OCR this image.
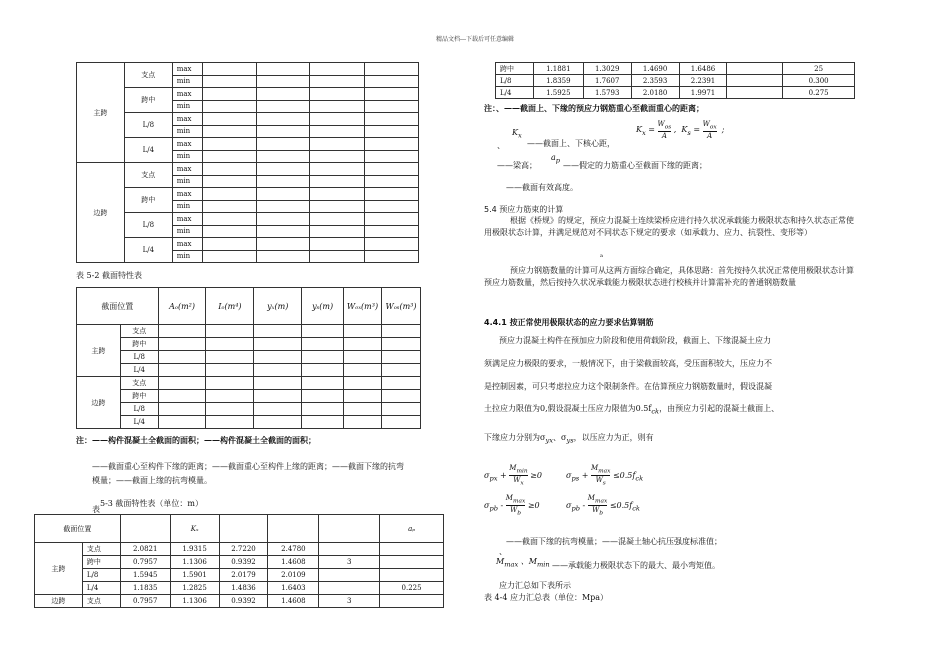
精品文档---下载后可任意编辑
主跨	支点	max				
		min				
	跨中	max				
		min				
	L/8	max				
		min				
	L/4	max				
		min				
边跨	支点	max				
		min				
	跨中	max				
		min				
	L/8	max				
		min				
	L/4	max				
		min				
表 5-2 截面特性表
截面位置		Aₒ(m²)	Iₒ(m⁴)	yₓ(m)	yₛ(m)	Wₒₓ(m³)	Wₒₛ(m³)
主跨	支点						
	跨中						
	L/8						
	L/4						
边跨	支点						
	跨中						
	L/8						
	L/4						
注：——构件混凝土全截面的面积；——构件混凝土全截面的面积；
——截面重心至构件下缘的距离；——截面重心至构件上缘的距离；——截面下缘的抗弯
模量；——截面上缘的抗弯模量。
表5-3 截面特性表（单位：m）
截面位置			Kₓ				aₚ
主跨	支点	2.0821	1.9315	2.7220	2.4780		
	跨中	0.7957	1.1306	0.9392	1.4608	3	
	L/8	1.5945	1.5901	2.0179	2.0109		
	L/4	1.1835	1.2825	1.4836	1.6403		0.225
边跨	支点	0.7957	1.1306	0.9392	1.4608	3	
跨中	1.1881	1.3029	1.4690	1.6486		25
L/8	1.8359	1.7607	2.3593	2.2391		0.300
L/4	1.5925	1.5793	2.0180	1.9971		0.275
注：、——截面上、下缘的预应力钢筋重心至截面重心的距离；
、
$K_x$
——截面上、下核心距，
$K_x = \frac{W_{os}}{A}$ ,  $K_s = \frac{W_{ox}}{A}$ ;
——梁高；
$a_p$
——假定的力筋重心至截面下缘的距离；
——截面有效高度。
5.4 预应力筋束的计算
根据《桥规》的规定，预应力混凝土连续梁桥应进行持久状况承载能力极限状态和持久状态正常使用极限状态计算，并满足规范对不同状态下规定的要求（如承载力、应力、抗裂性、变形等）
a
预应力钢筋数量的计算可从这两方面综合确定，具体思路：首先按持久状况正常使用极限状态计算预应力筋数量，然后按持久状况承载能力极限状态进行校核并计算需补充的普通钢筋数量
4.4.1 按正常使用极限状态的应力要求估算钢筋
预应力混凝土构件在预加应力阶段和使用荷载阶段，截面上、下缘混凝土应力
须满足应力极限的要求，一般情况下，由于梁截面较高，受压面积较大，压应力不
是控制因素，可只考虑拉应力这个限制条件。在估算预应力钢筋数量时，假设混凝
土拉应力限值为0,假设混凝土压应力限值为$0.5f_{ck}$，由预应力引起的混凝土截面上、
下缘应力分别为$\sigma_{yx}$、$\sigma_{ys}$，以压应力为正，则有
$\sigma_{px} + \frac{M_{min}}{W_x} \ge 0$	$\sigma_{ps} + \frac{M_{max}}{W_s} \le 0.5f_{ck}$
$\sigma_{pb} - \frac{M_{max}}{W_b} \ge 0$	$\sigma_{pb} - \frac{M_{max}}{W_b} \le 0.5f_{ck}$
——截面下缘的抗弯模量；——混凝土轴心抗压强度标准值；
、
$M_{max}$ 、$M_{min}$ ——承载能力极限状态下的最大、最小弯矩值。
应力汇总如下表所示
表 4-4 应力汇总表（单位：Mpa）
